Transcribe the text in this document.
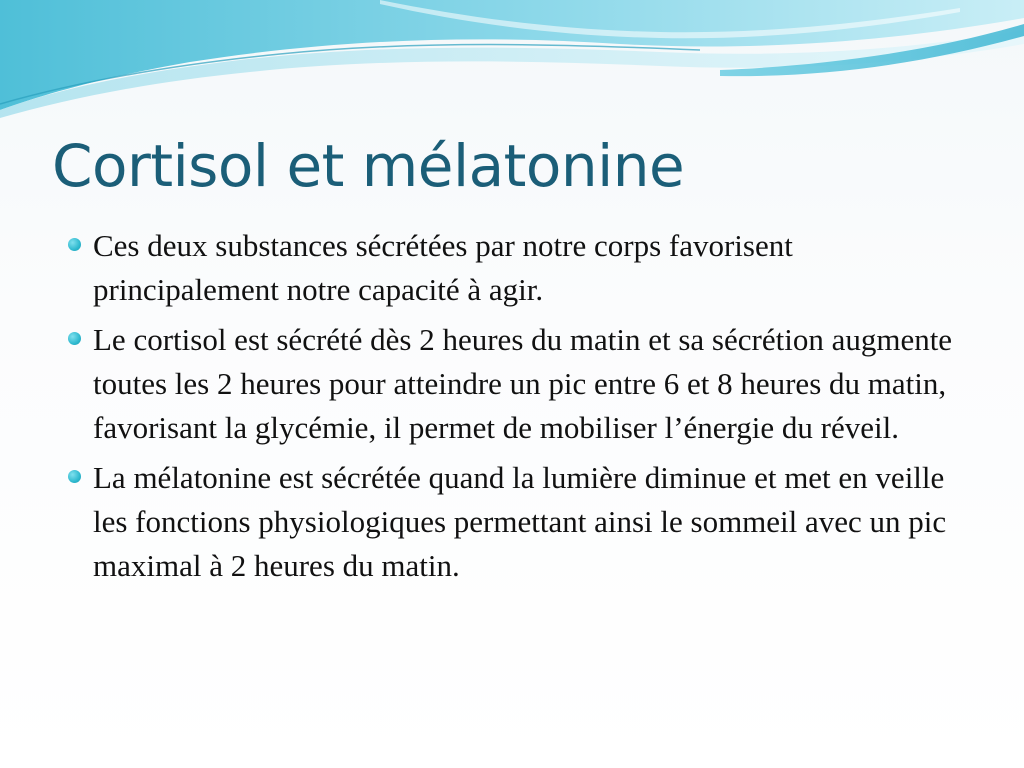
Cortisol et mélatonine
Ces deux substances sécrétées par notre corps favorisent principalement notre capacité à agir.
Le cortisol est sécrété dès 2 heures du matin et sa sécrétion augmente toutes les 2 heures pour atteindre un pic entre 6 et 8 heures du matin, favorisant la glycémie, il permet de mobiliser l’énergie du réveil.
La mélatonine est sécrétée quand la lumière diminue et met en veille les fonctions physiologiques permettant ainsi le sommeil avec un pic maximal à 2 heures du matin.
